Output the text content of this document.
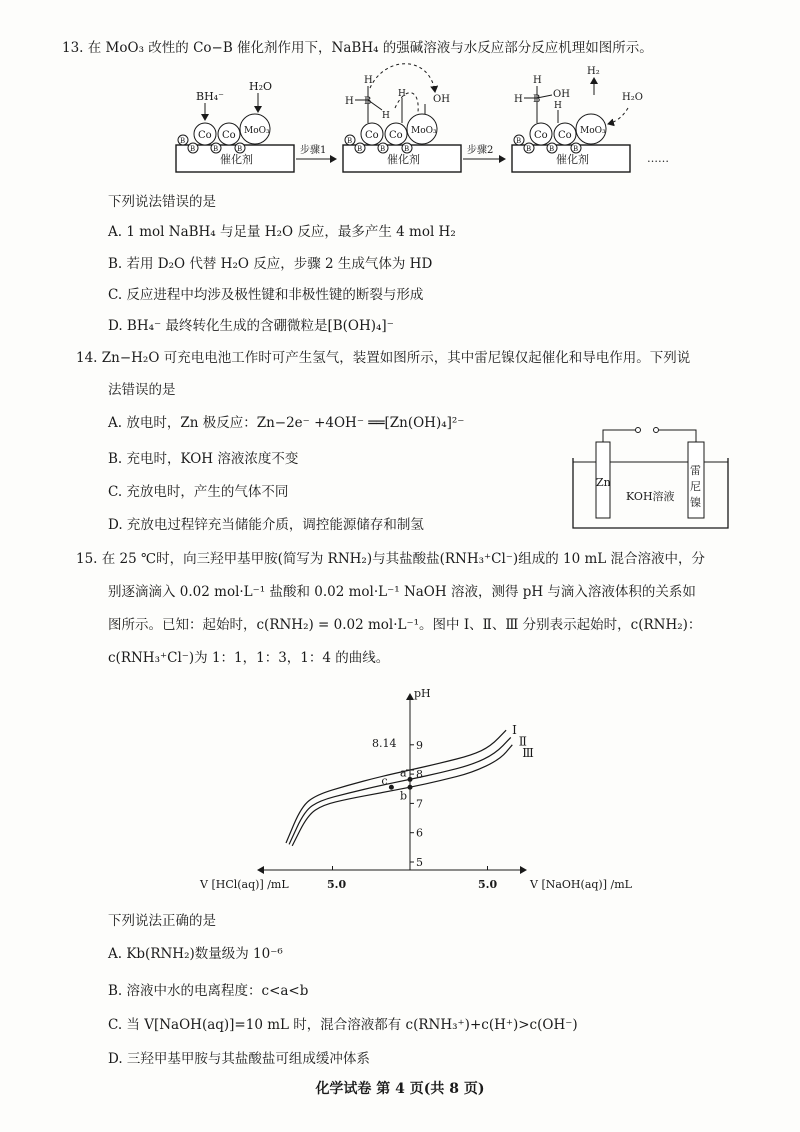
13. 在 MoO₃ 改性的 Co−B 催化剂作用下，NaBH₄ 的强碱溶液与水反应部分反应机理如图所示。
BH₄⁻
H₂O
Co Co MoO₃
B
B	B	B
催化剂
步骤1
H
H B
H
H	OH
Co Co MoO₃
B
B	B	B
催化剂
步骤2
H
H B OH
H
H₂
H₂O
Co Co MoO₃
B
B	B	B
催化剂	……
下列说法错误的是
A. 1 mol NaBH₄ 与足量 H₂O 反应，最多产生 4 mol H₂
B. 若用 D₂O 代替 H₂O 反应，步骤 2 生成气体为 HD
C. 反应进程中均涉及极性键和非极性键的断裂与形成
D. BH₄⁻ 最终转化生成的含硼微粒是[B(OH)₄]⁻
14. Zn−H₂O 可充电电池工作时可产生氢气，装置如图所示，其中雷尼镍仅起催化和导电作用。下列说
法错误的是
A. 放电时，Zn 极反应：Zn−2e⁻ +4OH⁻ ══[Zn(OH)₄]²⁻
B. 充电时，KOH 溶液浓度不变
C. 充放电时，产生的气体不同
D. 充放电过程锌充当储能介质，调控能源储存和制氢
Zn
KOH溶液
雷
尼
镍
15. 在 25 ℃时，向三羟甲基甲胺(简写为 RNH₂)与其盐酸盐(RNH₃⁺Cl⁻)组成的 10 mL 混合溶液中，分
别逐滴滴入 0.02 mol·L⁻¹ 盐酸和 0.02 mol·L⁻¹ NaOH 溶液，测得 pH 与滴入溶液体积的关系如
图所示。已知：起始时，c(RNH₂) = 0.02 mol·L⁻¹。图中 Ⅰ、Ⅱ、Ⅲ 分别表示起始时，c(RNH₂)：
c(RNH₃⁺Cl⁻)为 1：1，1：3，1：4 的曲线。
5
6
7
8
9
Ⅰ
Ⅱ
Ⅲ
a
b
c
pH
V [HCl(aq)] /mL	V [NaOH(aq)] /mL
5.0	5.0
8.14
下列说法正确的是
A. Kb(RNH₂)数量级为 10⁻⁶
B. 溶液中水的电离程度：c<a<b
C. 当 V[NaOH(aq)]=10 mL 时，混合溶液都有 c(RNH₃⁺)+c(H⁺)>c(OH⁻)
D. 三羟甲基甲胺与其盐酸盐可组成缓冲体系
化学试卷 第 4 页(共 8 页)
